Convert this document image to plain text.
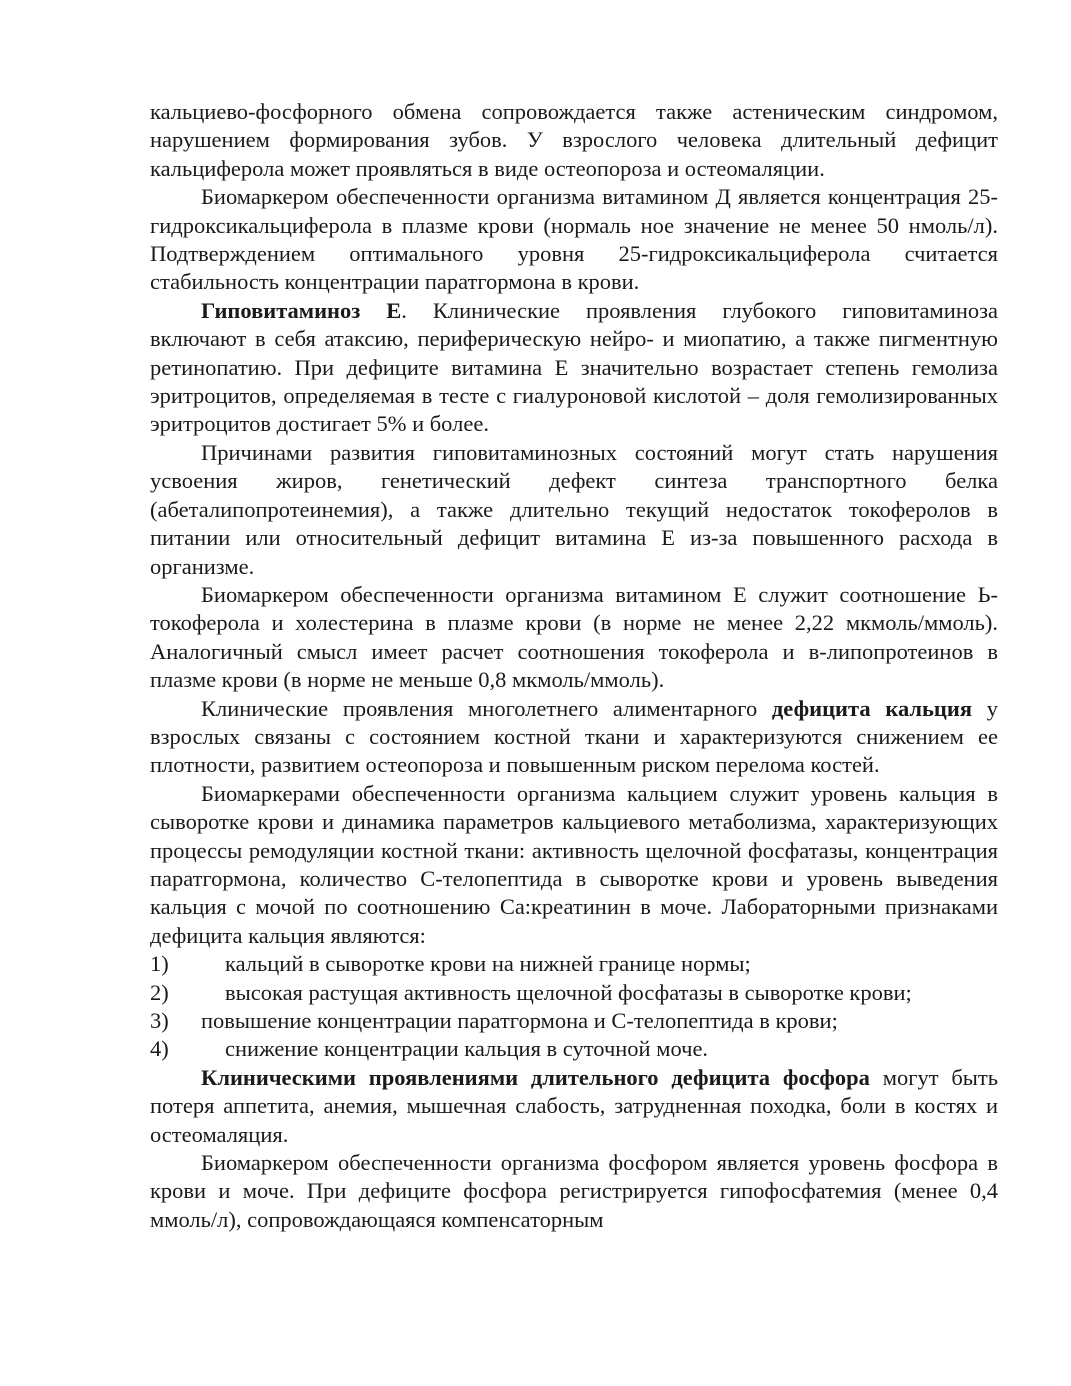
кальциево-фосфорного обмена сопровождается также астеническим синдромом, нарушением формирования зубов. У взрослого человека длительный дефицит кальциферола может проявляться в виде остеопороза и остеомаляции.

Биомаркером обеспеченности организма витамином Д является концентрация 25-гидроксикальциферола в плазме крови (нормаль ное значение не менее 50 нмоль/л). Подтверждением оптимального уровня 25-гидроксикальциферола считается стабильность концентрации паратгормона в крови.

Гиповитаминоз Е. Клинические проявления глубокого гиповитаминоза включают в себя атаксию, периферическую нейро- и миопатию, а также пигментную ретинопатию. При дефиците витамина Е значительно возрастает степень гемолиза эритроцитов, определяемая в тесте с гиалуроновой кислотой – доля гемолизированных эритроцитов достигает 5% и более.

Причинами развития гиповитаминозных состояний могут стать нарушения усвоения жиров, генетический дефект синтеза транспортного белка (абеталипопротеинемия), а также длительно текущий недостаток токоферолов в питании или относительный дефицит витамина Е из-за повышенного расхода в организме.

Биомаркером обеспеченности организма витамином Е служит соотношение Ь-токоферола и холестерина в плазме крови (в норме не менее 2,22 мкмоль/ммоль). Аналогичный смысл имеет расчет соотношения токоферола и в-липопротеинов в плазме крови (в норме не меньше 0,8 мкмоль/ммоль).

Клинические проявления многолетнего алиментарного дефицита кальция у взрослых связаны с состоянием костной ткани и характеризуются снижением ее плотности, развитием остеопороза и повышенным риском перелома костей.

Биомаркерами обеспеченности организма кальцием служит уровень кальция в сыворотке крови и динамика параметров кальциевого метаболизма, характеризующих процессы ремодуляции костной ткани: активность щелочной фосфатазы, концентрация паратгормона, количество С-телопептида в сыворотке крови и уровень выведения кальция с мочой по соотношению Са:креатинин в моче. Лабораторными признаками дефицита кальция являются:

1)	кальций в сыворотке крови на нижней границе нормы;
2)	высокая растущая активность щелочной фосфатазы в сыворотке крови;
3)	повышение концентрации паратгормона и С-телопептида в крови;
4)	снижение концентрации кальция в суточной моче.

Клиническими проявлениями длительного дефицита фосфора могут быть потеря аппетита, анемия, мышечная слабость, затрудненная походка, боли в костях и остеомаляция.

Биомаркером обеспеченности организма фосфором является уровень фосфора в крови и моче. При дефиците фосфора регистрируется гипофосфатемия (менее 0,4 ммоль/л), сопровождающаяся компенсаторным
